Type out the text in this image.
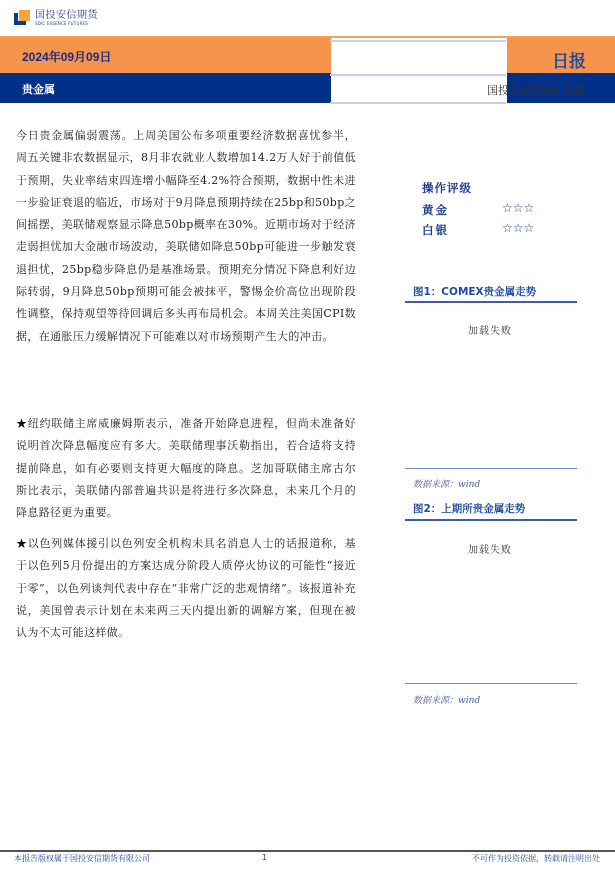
国投安信期货
SDIC ESSENCE FUTURES
2024年09月09日
贵金属
日报
国投安信期货研究院
今日贵金属偏弱震荡。上周美国公布多项重要经济数据喜忧参半，周五关键非农数据显示，8月非农就业人数增加14.2万人好于前值低于预期，失业率结束四连增小幅降至4.2%符合预期，数据中性未进一步验证衰退的临近，市场对于9月降息预期持续在25bp和50bp之间摇摆，美联储观察显示降息50bp概率在30%。近期市场对于经济走弱担忧加大金融市场波动，美联储如降息50bp可能进一步触发衰退担忧，25bp稳步降息仍是基准场景。预期充分情况下降息利好边际转弱，9月降息50bp预期可能会被抹平，警惕金价高位出现阶段性调整，保持观望等待回调后多头再布局机会。本周关注美国CPI数据，在通胀压力缓解情况下可能难以对市场预期产生大的冲击。
★纽约联储主席威廉姆斯表示，准备开始降息进程，但尚未准备好说明首次降息幅度应有多大。美联储理事沃勒指出，若合适将支持提前降息，如有必要则支持更大幅度的降息。芝加哥联储主席古尔斯比表示，美联储内部普遍共识是将进行多次降息，未来几个月的降息路径更为重要。
★以色列媒体援引以色列安全机构未具名消息人士的话报道称，基于以色列5月份提出的方案达成分阶段人质停火协议的可能性“接近于零”，以色列谈判代表中存在“非常广泛的悲观情绪”。该报道补充说，美国曾表示计划在未来两三天内提出新的调解方案，但现在被认为不太可能这样做。
操作评级
黄金	☆☆☆
白银	☆☆☆
图1：COMEX贵金属走势
加载失败
数据来源：wind
图2：上期所贵金属走势
加载失败
数据来源：wind
本报告版权属于国投安信期货有限公司	1	不可作为投资依据，转载请注明出处
